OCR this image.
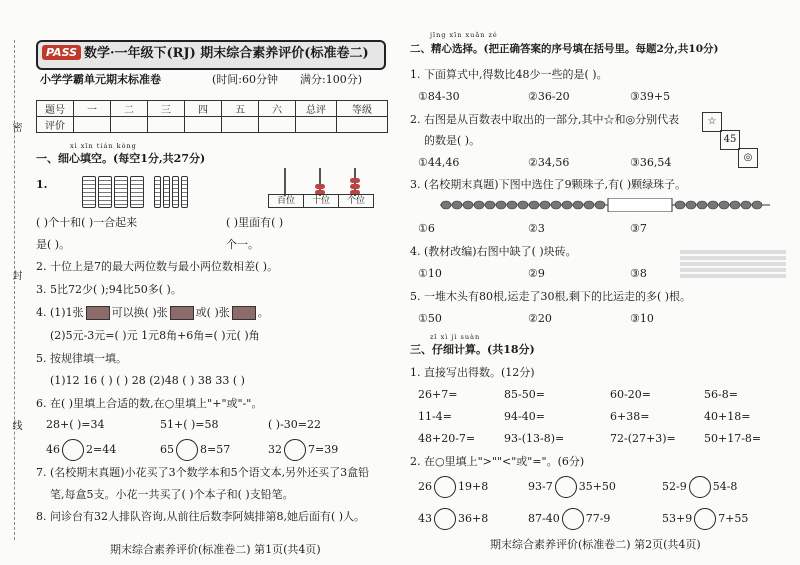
密
封
线
PASS 数学·一年级下(RJ) 期末综合素养评价(标准卷二)
小学学霸单元期末标准卷	(时间:60分钟 满分:100分)
题号	一	二	三	四	五	六	总评	等级
评价								
xì xīn tián kòng
一、细心填空。(每空1分,共27分)
1.
百位	十位	个位
( )个十和( )一合起来	( )里面有( )
是( )。	个一。
2. 十位上是7的最大两位数与最小两位数相差( )。
3. 5比72少( );94比50多( )。
4. (1)1张	可以换( )张	或( )张	。
(2)5元-3元=( )元 1元8角+6角=( )元( )角
5. 按规律填一填。
(1)12 16 ( ) ( ) 28 (2)48 ( ) 38 33 ( )
6. 在( )里填上合适的数,在○里填上"+"或"-"。
28+( )=34	51+( )=58	( )-30=22
46 2=44	65 8=57	32 7=39
7. (名校期末真题)小花买了3个数学本和5个语文本,另外还买了3盒铅
笔,每盒5支。小花一共买了( )个本子和( )支铅笔。
8. 问诊台有32人排队咨询,从前往后数李阿姨排第8,她后面有( )人。
期末综合素养评价(标准卷二) 第1页(共4页)
jīng xīn xuǎn zé
二、精心选择。(把正确答案的序号填在括号里。每题2分,共10分)
1. 下面算式中,得数比48少一些的是( )。
①84-30	②36-20	③39+5
2. 右图是从百数表中取出的一部分,其中☆和◎分别代表
的数是( )。
①44,46	②34,56	③36,54
☆
45
◎
3. (名校期末真题)下图中选住了9颗珠子,有( )颗绿珠子。
①6	②3	③7
4. (教材改编)右图中缺了( )块砖。
①10	②9	③8
5. 一堆木头有80根,运走了30根,剩下的比运走的多( )根。
①50	②20	③10
zǐ xì jì suàn
三、仔细计算。(共18分)
1. 直接写出得数。(12分)
26+7=	85-50=	60-20=	56-8=
11-4=	94-40=	6+38=	40+18=
48+20-7=	93-(13-8)=	72-(27+3)=	50+17-8=
2. 在○里填上">""<"或"="。(6分)
26 19+8	93-7 35+50	52-9 54-8
43 36+8	87-40 77-9	53+9 7+55
期末综合素养评价(标准卷二) 第2页(共4页)
